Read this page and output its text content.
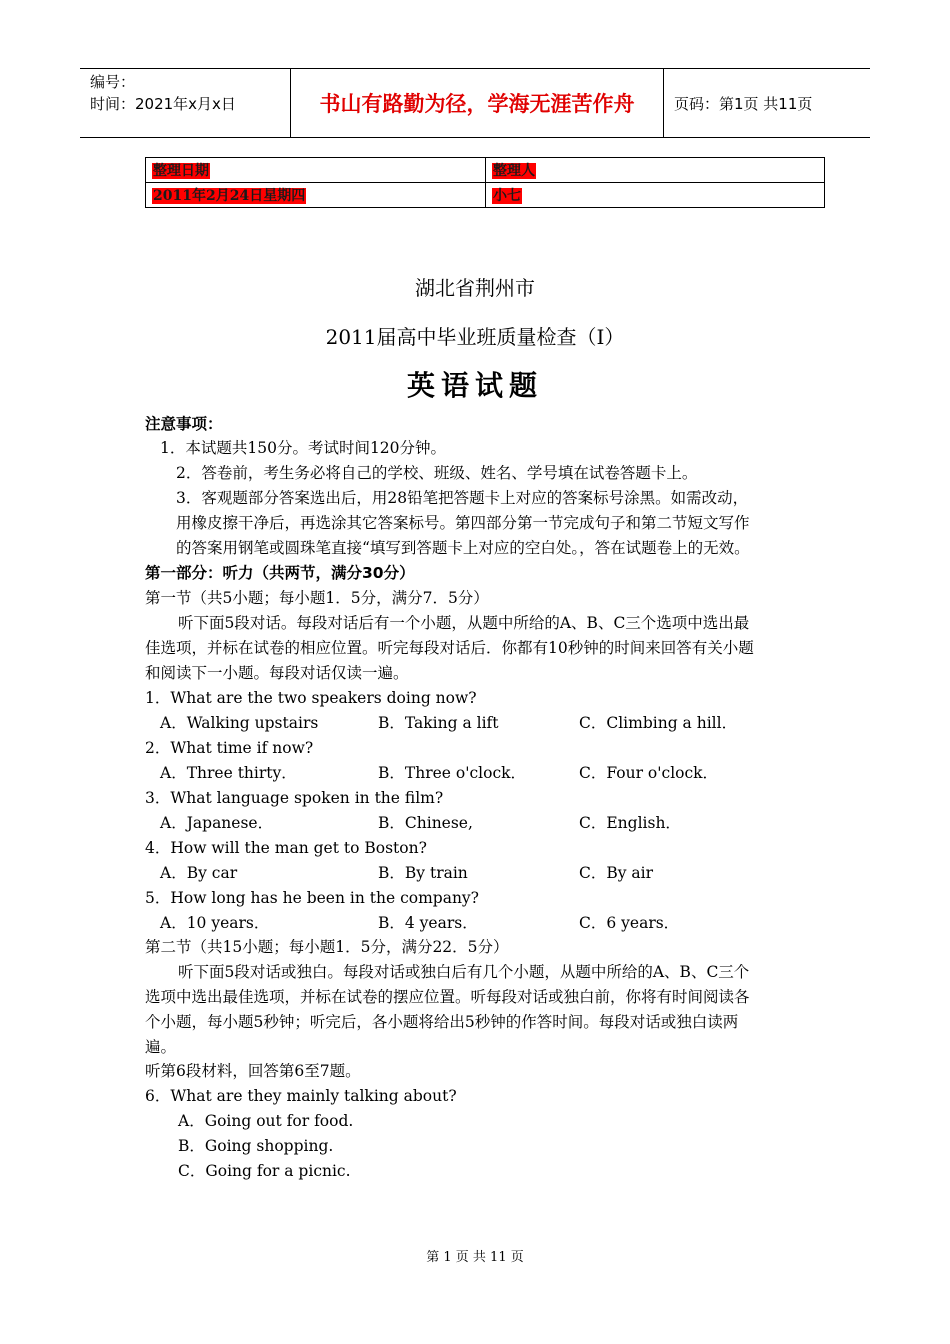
编号：
时间：2021年x月x日	书山有路勤为径，学海无涯苦作舟	页码：第1页 共11页
整理日期	整理人
2011年2月24日星期四	小七
湖北省荆州市
2011届高中毕业班质量检查（I）
英语试题
注意事项：
1．本试题共150分。考试时间120分钟。
2．答卷前，考生务必将自己的学校、班级、姓名、学号填在试卷答题卡上。
3．客观题部分答案选出后，用28铅笔把答题卡上对应的答案标号涂黑。如需改动，
用橡皮擦干净后，再选涂其它答案标号。第四部分第一节完成句子和第二节短文写作
的答案用钢笔或圆珠笔直接“填写到答题卡上对应的空白处。，答在试题卷上的无效。
第一部分：听力（共两节，满分30分）
第一节（共5小题；每小题1．5分，满分7．5分）
听下面5段对话。每段对话后有一个小题，从题中所给的A、B、C三个选项中选出最
佳选项，并标在试卷的相应位置。听完每段对话后．你都有10秒钟的时间来回答有关小题
和阅读下一小题。每段对话仅读一遍。
1．What are the two speakers doing now?
A．Walking upstairs	B．Taking a lift	C．Climbing a hill．
2．What time if now?
A．Three thirty．	B．Three o'clock．	C．Four o'clock．
3．What language spoken in the film?
A．Japanese．	B．Chinese,	C．English．
4．How will the man get to Boston?
A．By car	B．By train	C．By air
5．How long has he been in the company?
A．10 years．	B．4 years．	C．6 years．
第二节（共15小题；每小题1．5分，满分22．5分）
听下面5段对话或独白。每段对话或独白后有几个小题，从题中所给的A、B、C三个
选项中选出最佳选项，并标在试卷的摆应位置。听每段对话或独白前，你将有时间阅读各
个小题，每小题5秒钟；听完后，各小题将给出5秒钟的作答时间。每段对话或独白读两
遍。
听第6段材料，回答第6至7题。
6．What are they mainly talking about?
A．Going out for food.
B．Going shopping.
C．Going for a picnic.
第 1 页 共 11 页
